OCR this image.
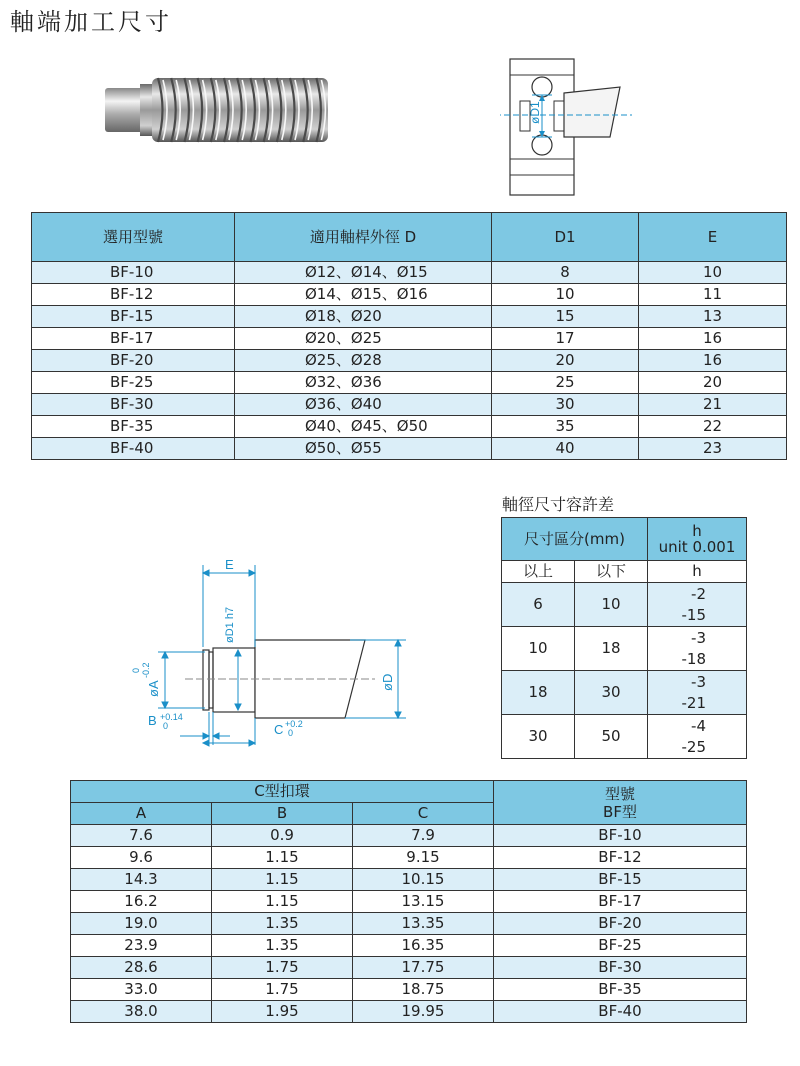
軸端加工尺寸
øD1
選用型號	適用軸桿外徑 D	D1	E
BF-10	Ø12、Ø14、Ø15	8	10
BF-12	Ø14、Ø15、Ø16	10	11
BF-15	Ø18、Ø20	15	13
BF-17	Ø20、Ø25	17	16
BF-20	Ø25、Ø28	20	16
BF-25	Ø32、Ø36	25	20
BF-30	Ø36、Ø40	30	21
BF-35	Ø40、Ø45、Ø50	35	22
BF-40	Ø50、Ø55	40	23
E
øD1 h7
øA
0 -0.2
B +0.14
0	C +0.2
0
øD
軸徑尺寸容許差
尺寸區分(mm)		h
unit 0.001

以上	以下	h
6	10	-2
-15

10	18	-3
-18

18	30	-3
-21

30	50	-4
-25
C型扣環			型號
BF型

A	B	C	
7.6	0.9	7.9	BF-10
9.6	1.15	9.15	BF-12
14.3	1.15	10.15	BF-15
16.2	1.15	13.15	BF-17
19.0	1.35	13.35	BF-20
23.9	1.35	16.35	BF-25
28.6	1.75	17.75	BF-30
33.0	1.75	18.75	BF-35
38.0	1.95	19.95	BF-40
